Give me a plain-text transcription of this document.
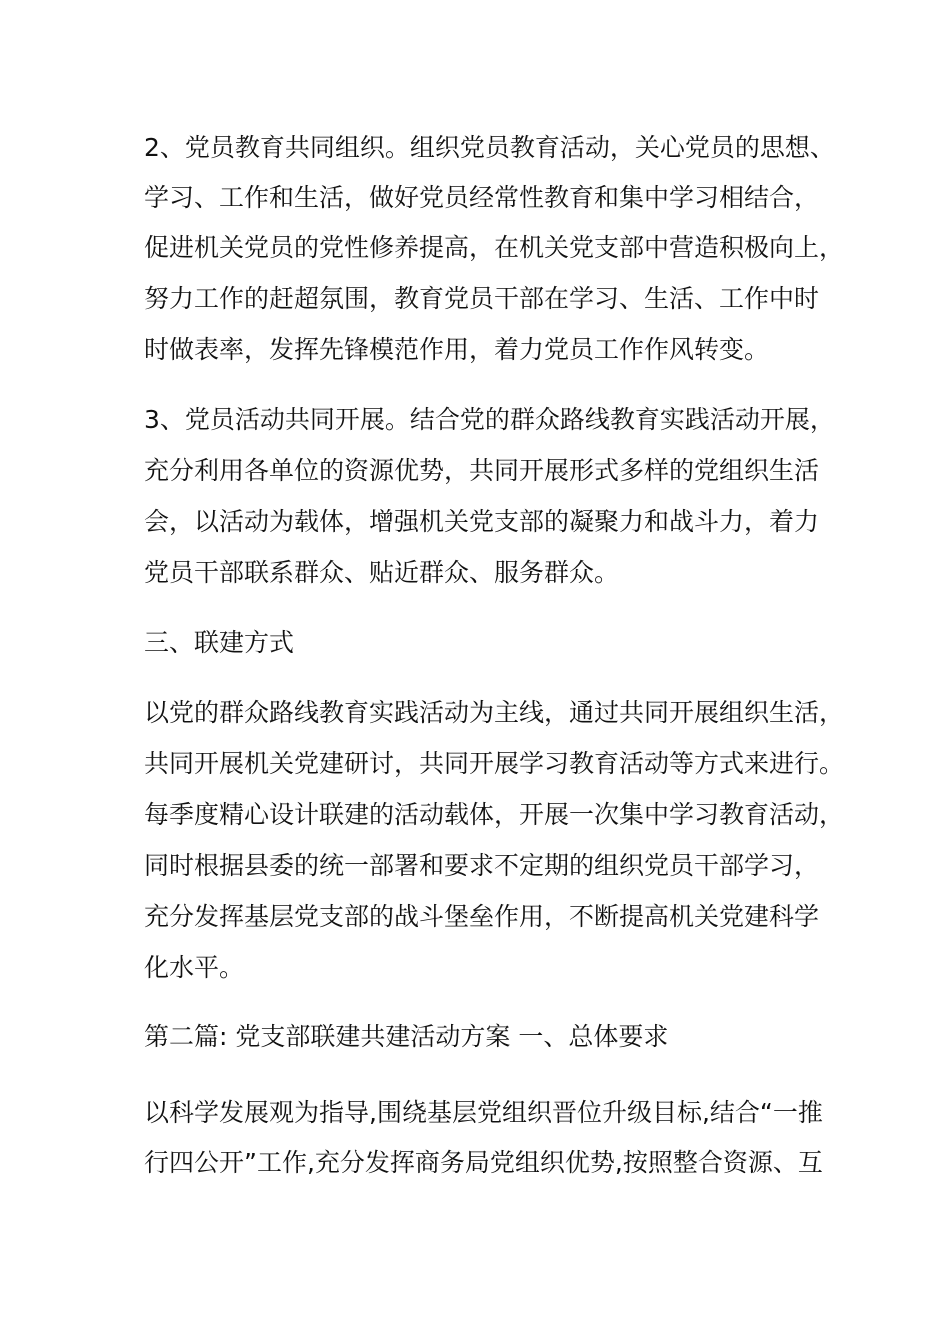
2、党员教育共同组织。组织党员教育活动，关心党员的思想、
学习、工作和生活，做好党员经常性教育和集中学习相结合，
促进机关党员的党性修养提高，在机关党支部中营造积极向上，
努力工作的赶超氛围，教育党员干部在学习、生活、工作中时
时做表率，发挥先锋模范作用，着力党员工作作风转变。
3、党员活动共同开展。结合党的群众路线教育实践活动开展，
充分利用各单位的资源优势，共同开展形式多样的党组织生活
会，以活动为载体，增强机关党支部的凝聚力和战斗力，着力
党员干部联系群众、贴近群众、服务群众。
三、联建方式
以党的群众路线教育实践活动为主线，通过共同开展组织生活，
共同开展机关党建研讨，共同开展学习教育活动等方式来进行。
每季度精心设计联建的活动载体，开展一次集中学习教育活动，
同时根据县委的统一部署和要求不定期的组织党员干部学习，
充分发挥基层党支部的战斗堡垒作用，不断提高机关党建科学
化水平。
第二篇: 党支部联建共建活动方案 一、总体要求
以科学发展观为指导,围绕基层党组织晋位升级目标,结合“一推
行四公开”工作,充分发挥商务局党组织优势,按照整合资源、互
